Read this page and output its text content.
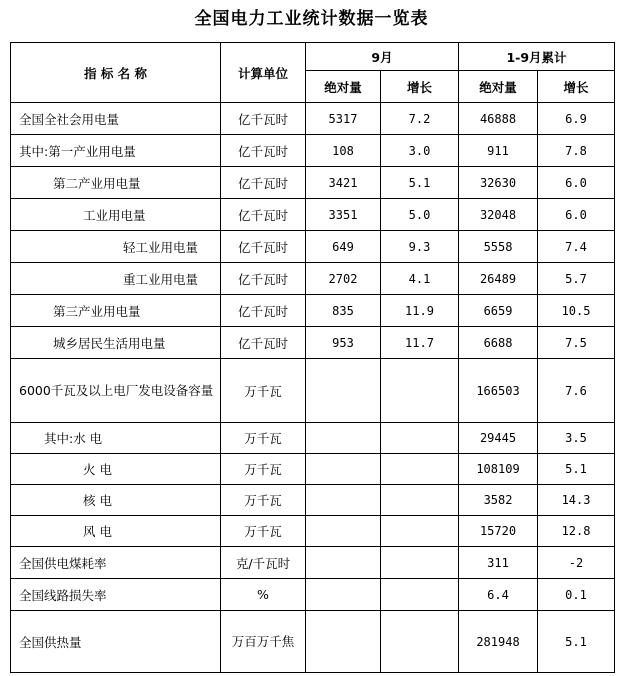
全国电力工业统计数据一览表
指 标 名 称	计算单位	9月		1-9月累计	
		绝对量	增长	绝对量	增长
全国全社会用电量	亿千瓦时	5317	7.2	46888	6.9
其中:第一产业用电量	亿千瓦时	108	3.0	911	7.8
第二产业用电量	亿千瓦时	3421	5.1	32630	6.0
工业用电量	亿千瓦时	3351	5.0	32048	6.0
轻工业用电量	亿千瓦时	649	9.3	5558	7.4
重工业用电量	亿千瓦时	2702	4.1	26489	5.7
第三产业用电量	亿千瓦时	835	11.9	6659	10.5
城乡居民生活用电量	亿千瓦时	953	11.7	6688	7.5
6000千瓦及以上电厂发电设备容量	万千瓦			166503	7.6
其中:水 电	万千瓦			29445	3.5
火 电	万千瓦			108109	5.1
核 电	万千瓦			3582	14.3
风 电	万千瓦			15720	12.8
全国供电煤耗率	克/千瓦时			311	-2
全国线路损失率	%			6.4	0.1
全国供热量	万百万千焦			281948	5.1
